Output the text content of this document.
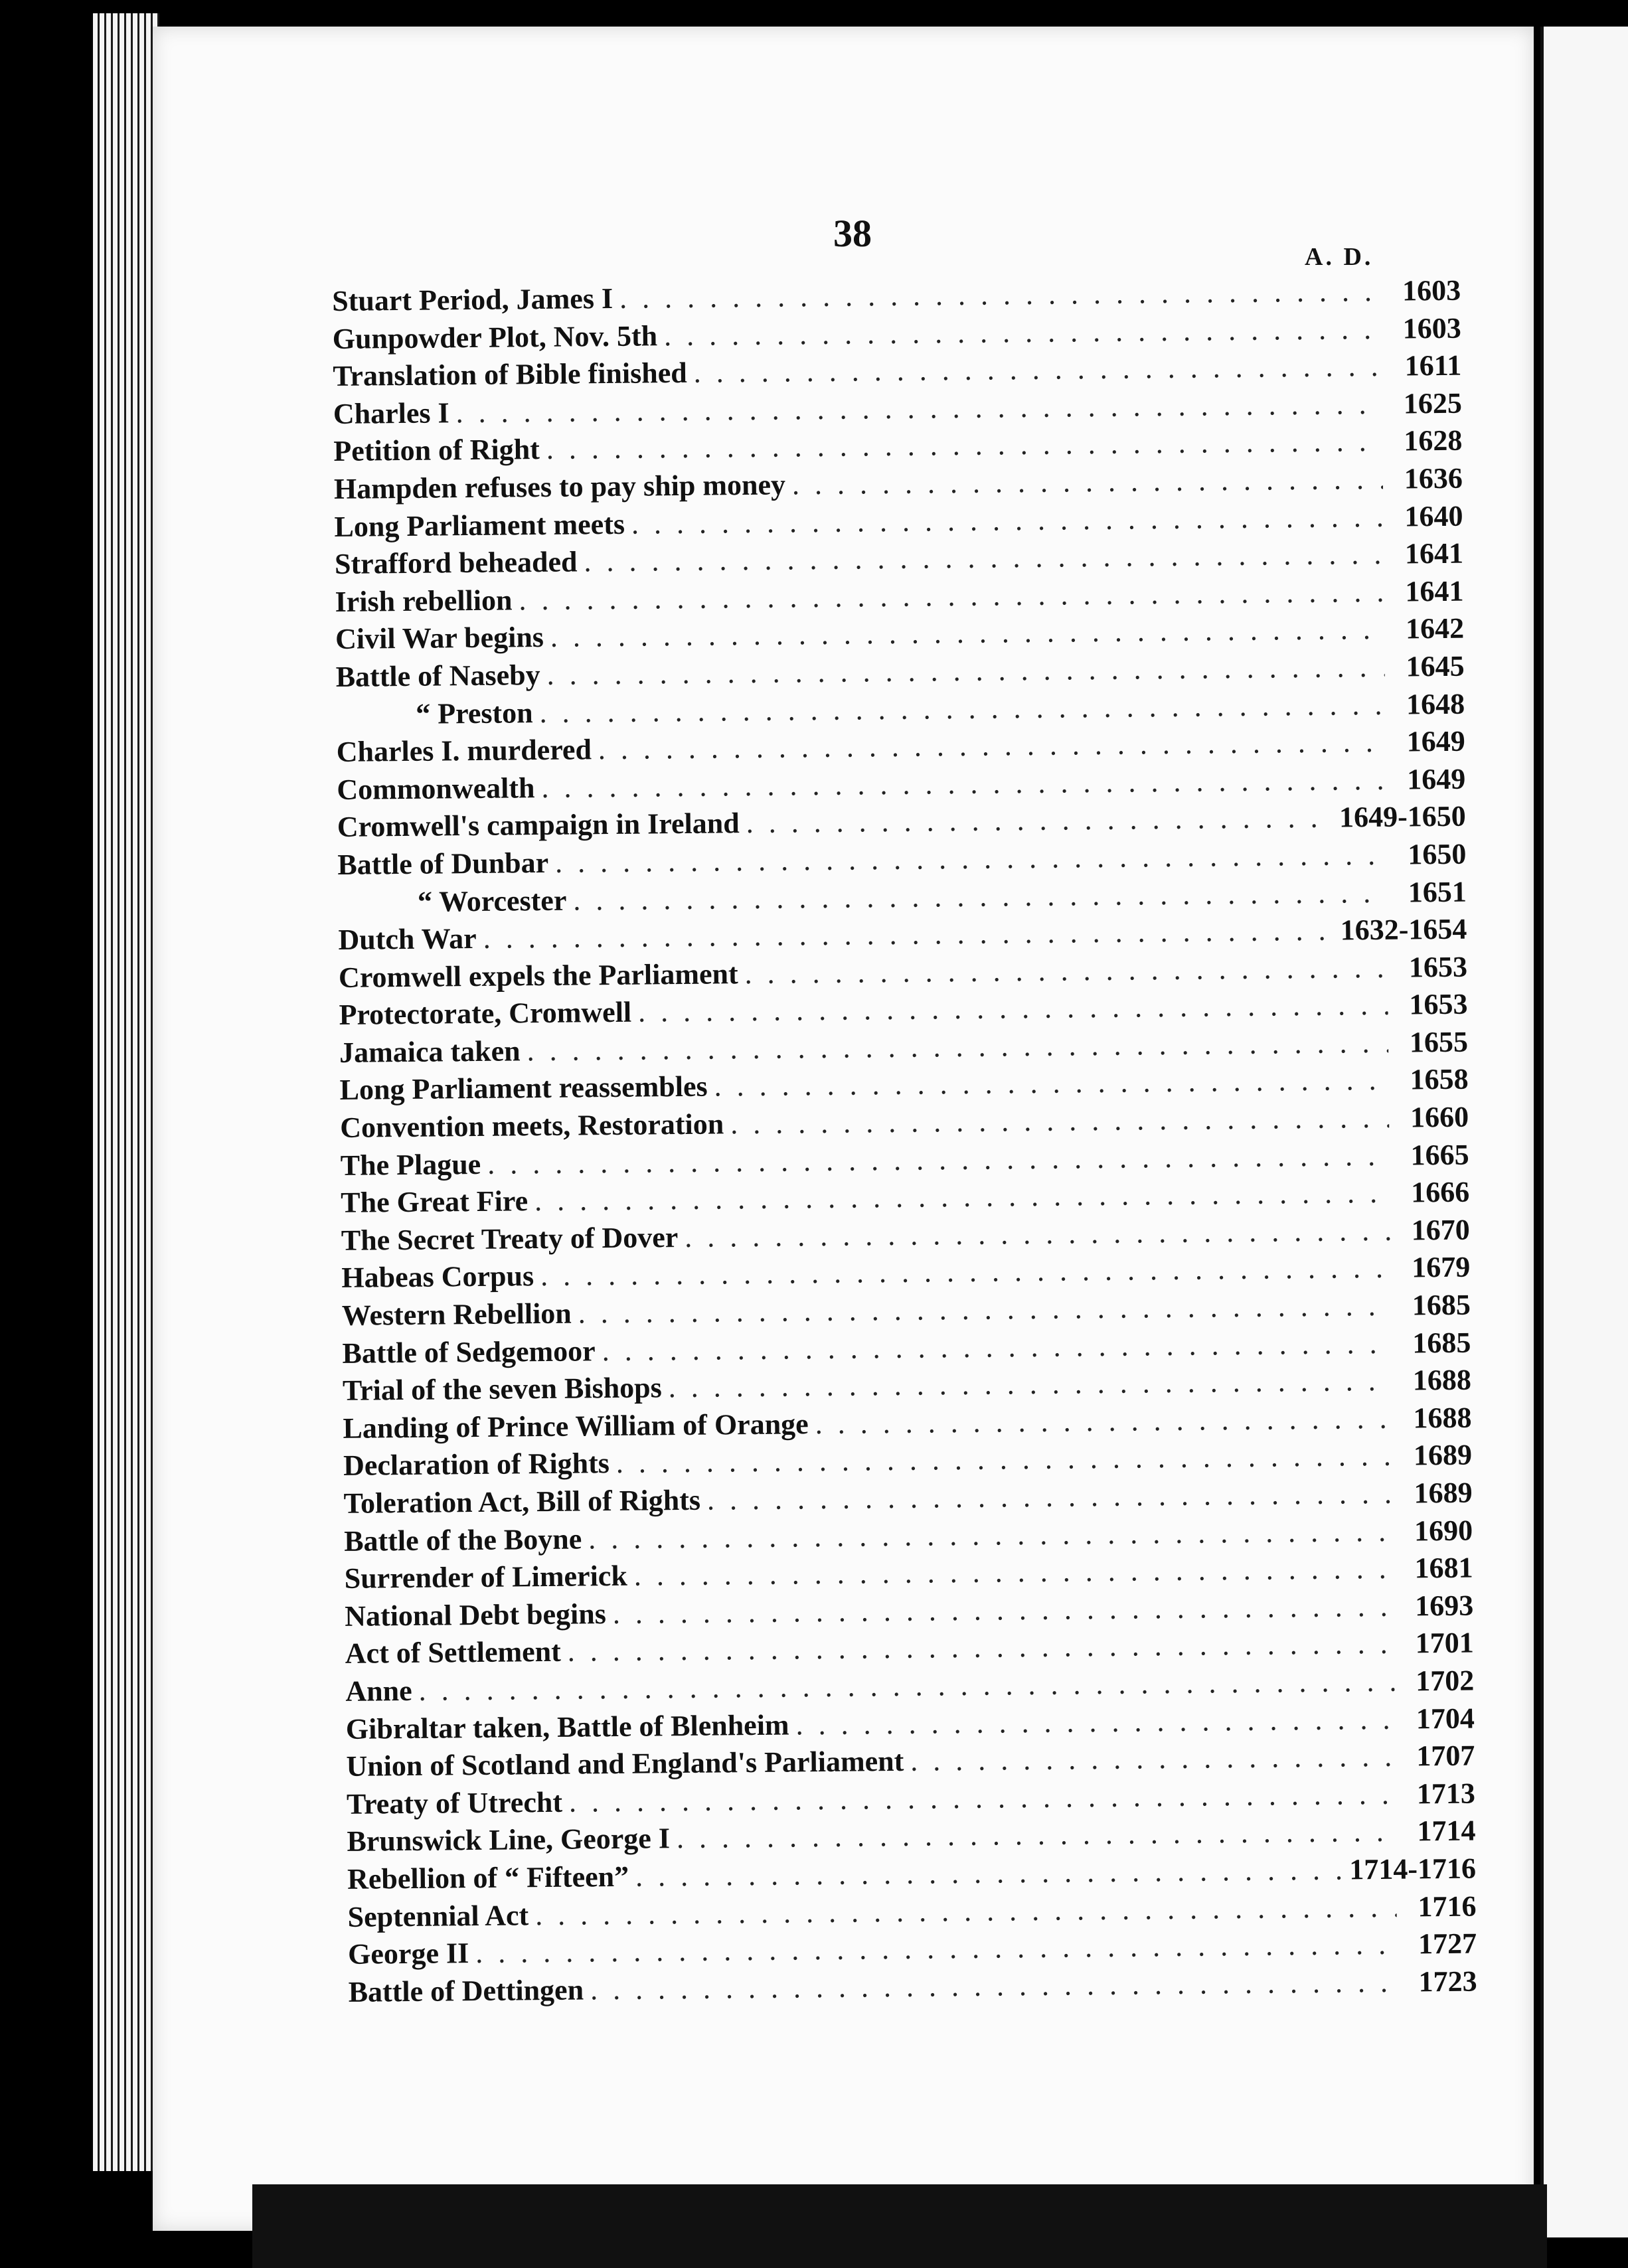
38
A. D.
Stuart Period, James I . . .	1603
Gunpowder Plot, Nov. 5th . . .	1603
Translation of Bible finished . . .	1611
Charles I . . .	1625
Petition of Right . . .	1628
Hampden refuses to pay ship money . . .	1636
Long Parliament meets . . .	1640
Strafford beheaded . . .	1641
Irish rebellion . . .	1641
Civil War begins . . .	1642
Battle of Naseby . . .	1645
“ Preston . . .	1648
Charles I. murdered . . .	1649
Commonwealth . . .	1649
Cromwell's campaign in Ireland . . .	1649-1650
Battle of Dunbar . . .	1650
“ Worcester . . .	1651
Dutch War . . .	1632-1654
Cromwell expels the Parliament . . .	1653
Protectorate, Cromwell . . .	1653
Jamaica taken . . .	1655
Long Parliament reassembles . . .	1658
Convention meets, Restoration . . .	1660
The Plague . . .	1665
The Great Fire . . .	1666
The Secret Treaty of Dover . . .	1670
Habeas Corpus . . .	1679
Western Rebellion . . .	1685
Battle of Sedgemoor . . .	1685
Trial of the seven Bishops . . .	1688
Landing of Prince William of Orange . . .	1688
Declaration of Rights . . .	1689
Toleration Act, Bill of Rights . . .	1689
Battle of the Boyne . . .	1690
Surrender of Limerick . . .	1681
National Debt begins . . .	1693
Act of Settlement . . .	1701
Anne . . .	1702
Gibraltar taken, Battle of Blenheim . . .	1704
Union of Scotland and England's Parliament . . .	1707
Treaty of Utrecht . . .	1713
Brunswick Line, George I . . .	1714
Rebellion of “ Fifteen” . . .	1714-1716
Septennial Act . . .	1716
George II . . .	1727
Battle of Dettingen . . .	1723
